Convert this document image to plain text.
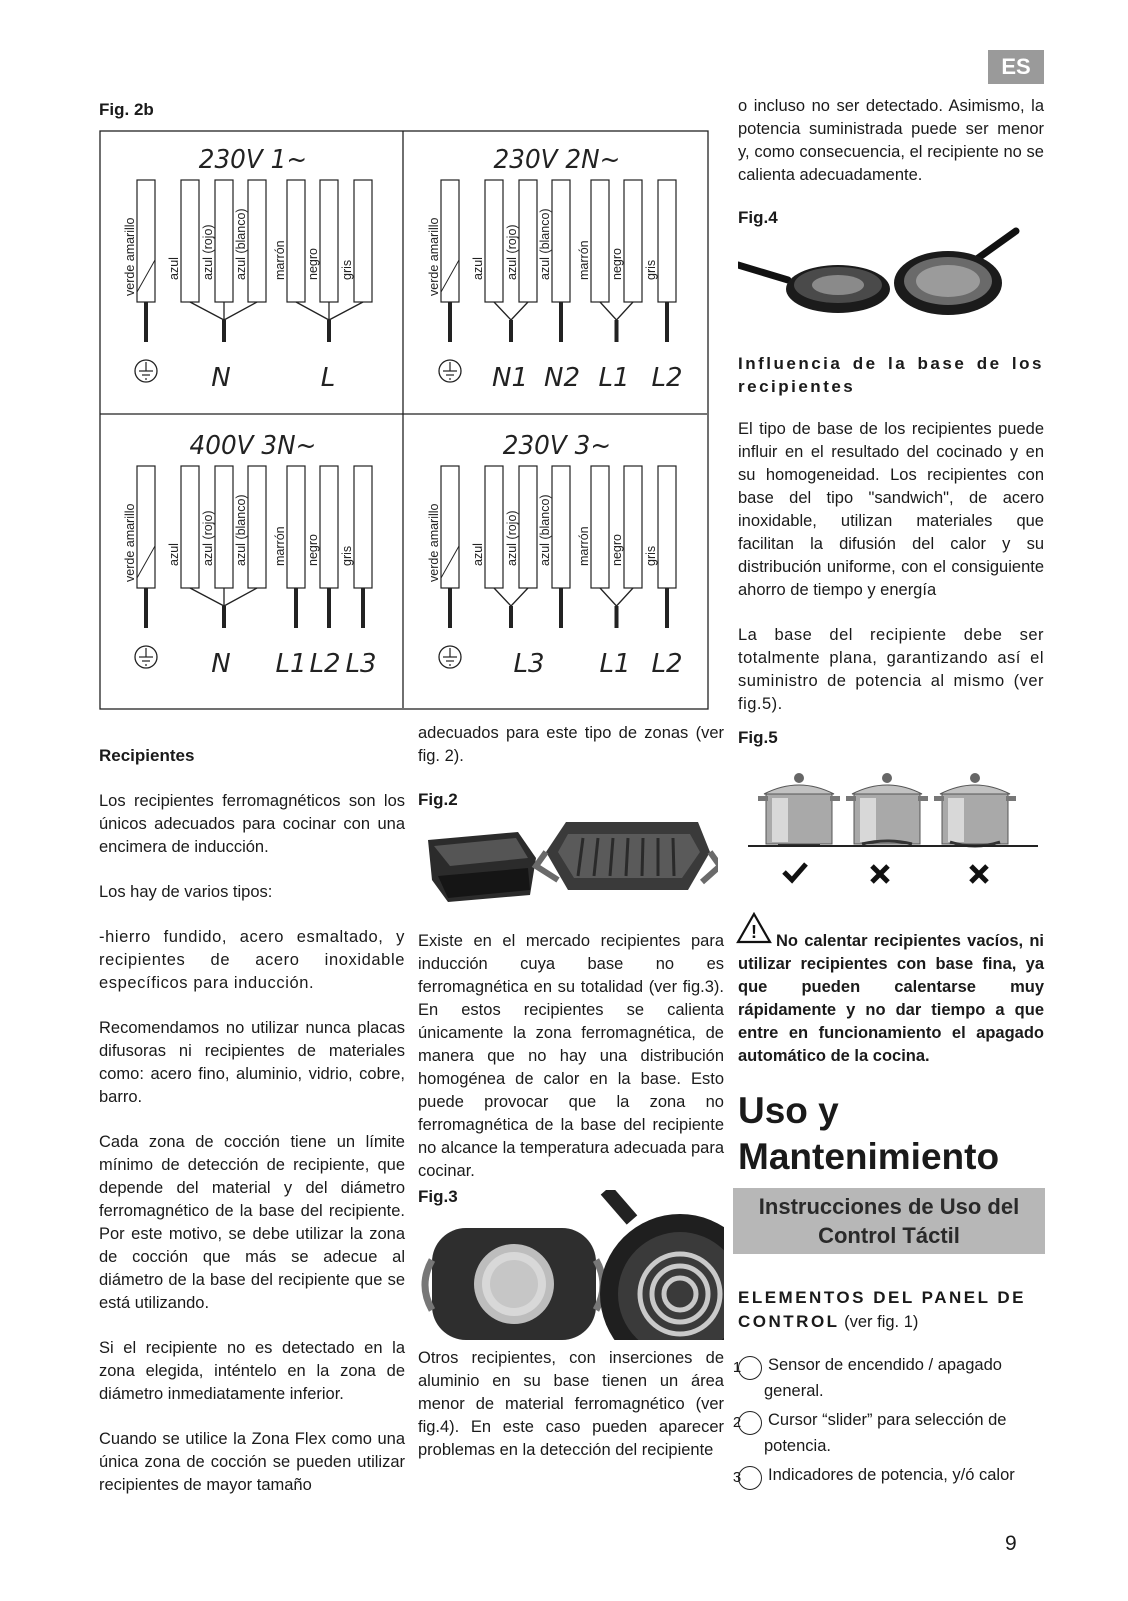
ES
Fig. 2b
230V 1~
verde amarillo azul azul (rojo) azul (blanco) marrón negro gris
N	L
230V 2N~
verde amarillo azul azul (rojo) azul (blanco) marrón negro gris
N1 N2 L1 L2
400V 3N~
verde amarillo azul azul (rojo) azul (blanco) marrón negro gris
N L1 L2 L3
230V 3~
verde amarillo azul azul (rojo) azul (blanco) marrón negro gris
L3 L1 L2
Recipientes

Los recipientes ferromagnéticos son los únicos adecuados para cocinar con una encimera de inducción.

Los hay de varios tipos:

-hierro fundido, acero esmaltado, y recipientes de acero inoxidable específicos para inducción.

Recomendamos no utilizar nunca placas difusoras ni recipientes de materiales como: acero fino, aluminio, vidrio, cobre, barro.

Cada zona de cocción tiene un límite mínimo de detección de recipiente, que depende del material y del diámetro ferromagnético de la base del recipiente. Por este motivo, se debe utilizar la zona de cocción que más se adecue al diámetro de la base del recipiente que se está utilizando.

Si el recipiente no es detectado en la zona elegida, inténtelo en la zona de diámetro inmediatamente inferior.

Cuando se utilice la Zona Flex como una única zona de cocción se pueden utilizar recipientes de mayor tamaño

adecuados para este tipo de zonas (ver fig. 2).
Fig.2
Existe en el mercado recipientes para inducción cuya base no es ferromagnética en su totalidad (ver fig.3). En estos recipientes se calienta únicamente la zona ferromagnética, de manera que no hay una distribución homogénea de calor en la base. Esto puede provocar que la zona no ferromagnética de la base del recipiente no alcance la temperatura adecuada para cocinar.
Fig.3
Otros recipientes, con inserciones de aluminio en su base tienen un área menor de material ferromagnético (ver fig.4). En este caso pueden aparecer problemas en la detección del recipiente
o incluso no ser detectado. Asimismo, la potencia suministrada puede ser menor y, como consecuencia, el recipiente no se calienta adecuadamente.
Fig.4
Influencia de la base de los recipientes

El tipo de base de los recipientes puede influir en el resultado del cocinado y en su homogeneidad. Los recipientes con base del tipo "sandwich", de acero inoxidable, utilizan materiales que facilitan la difusión del calor y su distribución uniforme, con el consiguiente ahorro de tiempo y energía

La base del recipiente debe ser totalmente plana, garantizando así el suministro de potencia al mismo (ver fig.5).

Fig.5
!	No calentar recipientes vacíos, ni utilizar recipientes con base fina, ya que pueden calentarse muy rápidamente y no dar tiempo a que entre en funcionamiento el apagado automático de la cocina.
Uso y
Mantenimiento
Instrucciones de Uso del Control Táctil
ELEMENTOS DEL PANEL DE CONTROL (ver fig. 1)
1 Sensor de encendido / apagado general.
2 Cursor “slider” para selección de potencia.
3 Indicadores de potencia, y/ó calor
9
